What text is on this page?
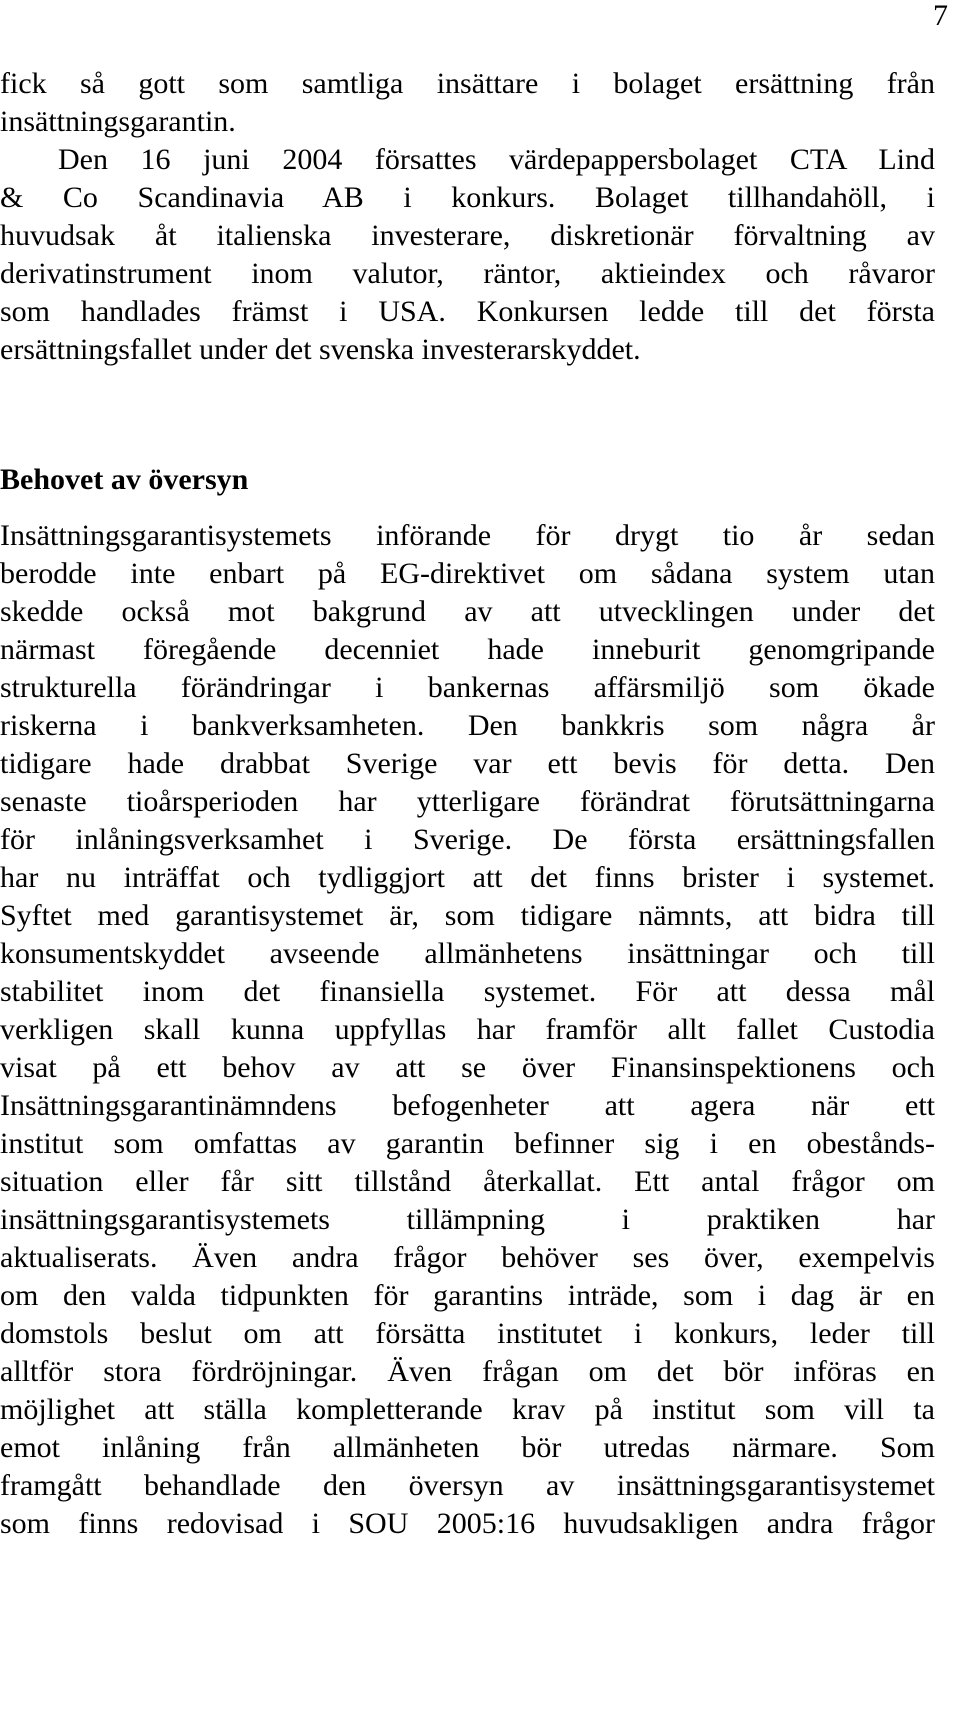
7
fick så gott som samtliga insättare i bolaget ersättning från
insättningsgarantin.
Den 16 juni 2004 försattes värdepappersbolaget CTA Lind
& Co Scandinavia AB i konkurs. Bolaget tillhandahöll, i
huvudsak åt italienska investerare, diskretionär förvaltning av
derivatinstrument inom valutor, räntor, aktieindex och råvaror
som handlades främst i USA. Konkursen ledde till det första
ersättningsfallet under det svenska investerarskyddet.
Behovet av översyn
Insättningsgarantisystemets införande för drygt tio år sedan
berodde inte enbart på EG-direktivet om sådana system utan
skedde också mot bakgrund av att utvecklingen under det
närmast föregående decenniet hade inneburit genomgripande
strukturella förändringar i bankernas affärsmiljö som ökade
riskerna i bankverksamheten. Den bankkris som några år
tidigare hade drabbat Sverige var ett bevis för detta. Den
senaste tioårsperioden har ytterligare förändrat förutsättningarna
för inlåningsverksamhet i Sverige. De första ersättningsfallen
har nu inträffat och tydliggjort att det finns brister i systemet.
Syftet med garantisystemet är, som tidigare nämnts, att bidra till
konsumentskyddet avseende allmänhetens insättningar och till
stabilitet inom det finansiella systemet. För att dessa mål
verkligen skall kunna uppfyllas har framför allt fallet Custodia
visat på ett behov av att se över Finansinspektionens och
Insättningsgarantinämndens befogenheter att agera när ett
institut som omfattas av garantin befinner sig i en obestånds-
situation eller får sitt tillstånd återkallat. Ett antal frågor om
insättningsgarantisystemets tillämpning i praktiken har
aktualiserats. Även andra frågor behöver ses över, exempelvis
om den valda tidpunkten för garantins inträde, som i dag är en
domstols beslut om att försätta institutet i konkurs, leder till
alltför stora fördröjningar. Även frågan om det bör införas en
möjlighet att ställa kompletterande krav på institut som vill ta
emot inlåning från allmänheten bör utredas närmare. Som
framgått behandlade den översyn av insättningsgarantisystemet
som finns redovisad i SOU 2005:16 huvudsakligen andra frågor
